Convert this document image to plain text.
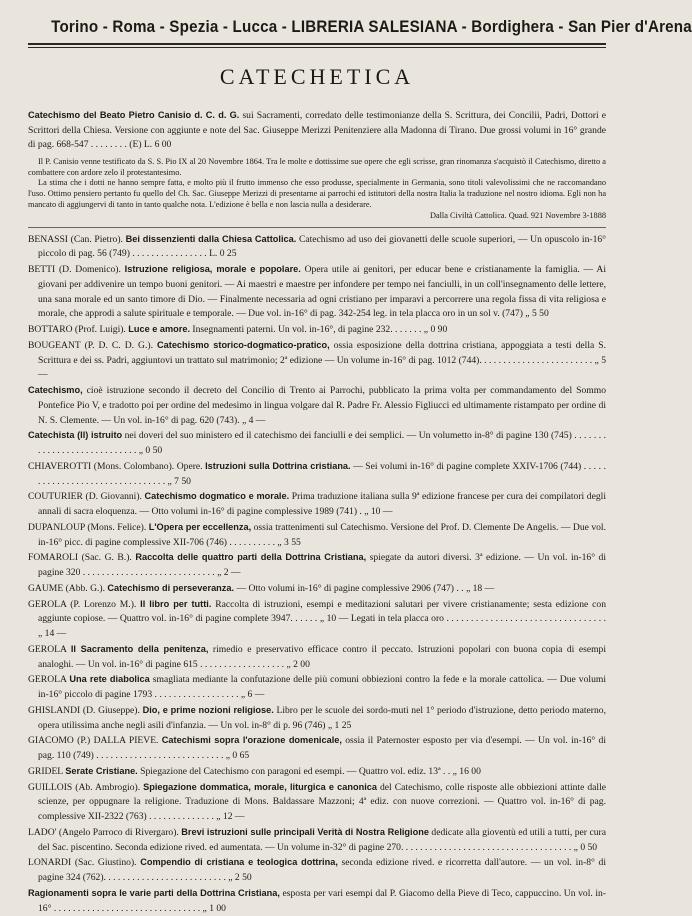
Torino - Roma - Spezia - Lucca - LIBRERIA SALESIANA - Bordighera - San Pier d'Arena
CATECHETICA

Catechismo del Beato Pietro Canisio d. C. d. G. sui Sacramenti, corredato delle testimonianze della S. Scrittura, dei Concilii, Padri, Dottori e Scrittori della Chiesa. Versione con aggiunte e note del Sac. Giuseppe Merizzi Penitenziere alla Madonna di Tirano. Due grossi volumi in 16° grande di pag. 668-547 . . . . . . . . (E) L. 6 00

Il P. Canisio venne testificato da S. S. Pio IX al 20 Novembre 1864. Tra le molte e dottissime sue opere che egli scrisse, gran rinomanza s'acquistò il Catechismo, diretto a combattere con ardore zelo il protestantesimo.

La stima che i dotti ne hanno sempre fatta, e molto più il frutto immenso che esso produsse, specialmente in Germania, sono titoli valevolissimi che ne raccomandano l'uso. Ottimo pensiero pertanto fu quello del Ch. Sac. Giuseppe Merizzi di presentarne ai parrochi ed istitutori della nostra Italia la traduzione nel nostro idioma. Egli non ha mancato di aggiungervi di tanto in tanto qualche nota. L'edizione è bella e non lascia nulla a desiderare.

Dalla Civiltà Cattolica. Quad. 921 Novembre 3-1888

BENASSI (Can. Pietro). Bei dissenzienti dalla Chiesa Cattolica. Catechismo ad uso dei giovanetti delle scuole superiori, — Un opuscolo in-16° piccolo di pag. 56 (749) . . . . . . . . . . . . . . . . L. 0 25

BETTI (D. Domenico). Istruzione religiosa, morale e popolare. Opera utile ai genitori, per educar bene e cristianamente la famiglia. — Ai giovani per addivenire un tempo buoni genitori. — Ai maestri e maestre per infondere per tempo nei fanciulli, in un coll'insegnamento delle lettere, una sana morale ed un santo timore di Dio. — Finalmente necessaria ad ogni cristiano per imparavi a percorrere una regola fissa di vita religiosa e morale, che approdi a salute spirituale e temporale. — Due vol. in-16° di pag. 342-254 leg. in tela placca oro in un sol v. (747) „ 5 50

BOTTARO (Prof. Luigi). Luce e amore. Insegnamenti paterni. Un vol. in-16°, di pagine 232. . . . . . . „ 0 90

BOUGEANT (P. D. C. D. G.). Catechismo storico-dogmatico-pratico, ossia esposizione della dottrina cristiana, appoggiata a testi della S. Scrittura e dei ss. Padri, aggiuntovi un trattato sul matrimonio; 2ª edizione — Un volume in-16° di pag. 1012 (744). . . . . . . . . . . . . . . . . . . . . . . . „ 5 —

Catechismo, cioè istruzione secondo il decreto del Concilio di Trento ai Parrochi, pubblicato la prima volta per commandamento del Sommo Pontefice Pio V, e tradotto poi per ordine del medesimo in lingua volgare dal R. Padre Fr. Alessio Figliucci ed ultimamente ristampato per ordine di N. S. Clemente. — Un vol. in-16° di pag. 620 (743). „ 4 —

Catechista (Il) istruito nei doveri del suo ministero ed il catechismo dei fanciulli e dei semplici. — Un volumetto in-8° di pagine 130 (745) . . . . . . . . . . . . . . . . . . . . . . . . . . . . „ 0 50

CHIAVEROTTI (Mons. Colombano). Opere. Istruzioni sulla Dottrina cristiana. — Sei volumi in-16° di pagine complete XXIV-1706 (744) . . . . . . . . . . . . . . . . . . . . . . . . . . . . . . . . „ 7 50

COUTURIER (D. Giovanni). Catechismo dogmatico e morale. Prima traduzione italiana sulla 9ª edizione francese per cura dei compilatori degli annali di sacra eloquenza. — Otto volumi in-16° di pagine complessive 1989 (741) . „ 10 —

DUPANLOUP (Mons. Felice). L'Opera per eccellenza, ossia trattenimenti sul Catechismo. Versione del Prof. D. Clemente De Angelis. — Due vol. in-16° picc. di pagine complessive XII-706 (746) . . . . . . . . . . „ 3 55

FOMAROLI (Sac. G. B.). Raccolta delle quattro parti della Dottrina Cristiana, spiegate da autori diversi. 3ª edizione. — Un vol. in-16° di pagine 320 . . . . . . . . . . . . . . . . . . . . . . . . . . . . „ 2 —

GAUME (Abb. G.). Catechismo di perseveranza. — Otto volumi in-16° di pagine complessive 2906 (747) . . „ 18 —

GEROLA (P. Lorenzo M.). Il libro per tutti. Raccolta di istruzioni, esempi e meditazioni salutari per vivere cristianamente; sesta edizione con aggiunte copiose. — Quattro vol. in-16° di pagine complete 3947. . . . . . „ 10 — Legati in tela placca oro . . . . . . . . . . . . . . . . . . . . . . . . . . . . . . . . . „ 14 —

GEROLA Il Sacramento della penitenza, rimedio e preservativo efficace contro il peccato. Istruzioni popolari con buona copia di esempi analoghi. — Un vol. in-16° di pagine 615 . . . . . . . . . . . . . . . . . . „ 2 00

GEROLA Una rete diabolica smagliata mediante la confutazione delle più comuni obbiezioni contro la fede e la morale cattolica. — Due volumi in-16° piccolo di pagine 1793 . . . . . . . . . . . . . . . . . . „ 6 —

GHISLANDI (D. Giuseppe). Dio, e prime nozioni religiose. Libro per le scuole dei sordo-muti nel 1° periodo d'istruzione, detto periodo materno, opera utilissima anche negli asili d'infanzia. — Un vol. in-8° di p. 96 (746) „ 1 25

GIACOMO (P.) DALLA PIEVE. Catechismi sopra l'orazione domenicale, ossia il Paternoster esposto per via d'esempi. — Un vol. in-16° di pag. 110 (749) . . . . . . . . . . . . . . . . . . . . . . . . . . . „ 0 65

GRIDEL Serate Cristiane. Spiegazione del Catechismo con paragoni ed esempi. — Quattro vol. ediz. 13ª . . „ 16 00

GUILLOIS (Ab. Ambrogio). Spiegazione dommatica, morale, liturgica e canonica del Catechismo, colle risposte alle obbiezioni attinte dalle scienze, per oppugnare la religione. Traduzione di Mons. Baldassare Mazzoni; 4ª ediz. con nuove correzioni. — Quattro vol. in-16° di pag. complessive XII-2322 (763) . . . . . . . . . . . . . . „ 12 —

LADO' (Angelo Parroco di Rivergaro). Brevi istruzioni sulle principali Verità di Nostra Religione dedicate alla gioventù ed utili a tutti, per cura del Sac. piscentino. Seconda edizione rived. ed aumentata. — Un volume in-32° di pagine 270. . . . . . . . . . . . . . . . . . . . . . . . . . . . . . . . . . . . „ 0 50

LONARDI (Sac. Giustino). Compendio di cristiana e teologica dottrina, seconda edizione rived. e ricorretta dall'autore. — un vol. in-8° di pagine 324 (762). . . . . . . . . . . . . . . . . . . . . . . . . . „ 2 50

Ragionamenti sopra le varie parti della Dottrina Cristiana, esposta per vari esempi dal P. Giacomo della Pieve di Teco, cappuccino. Un vol. in-16° . . . . . . . . . . . . . . . . . . . . . . . . . . . . . . . „ 1 00
